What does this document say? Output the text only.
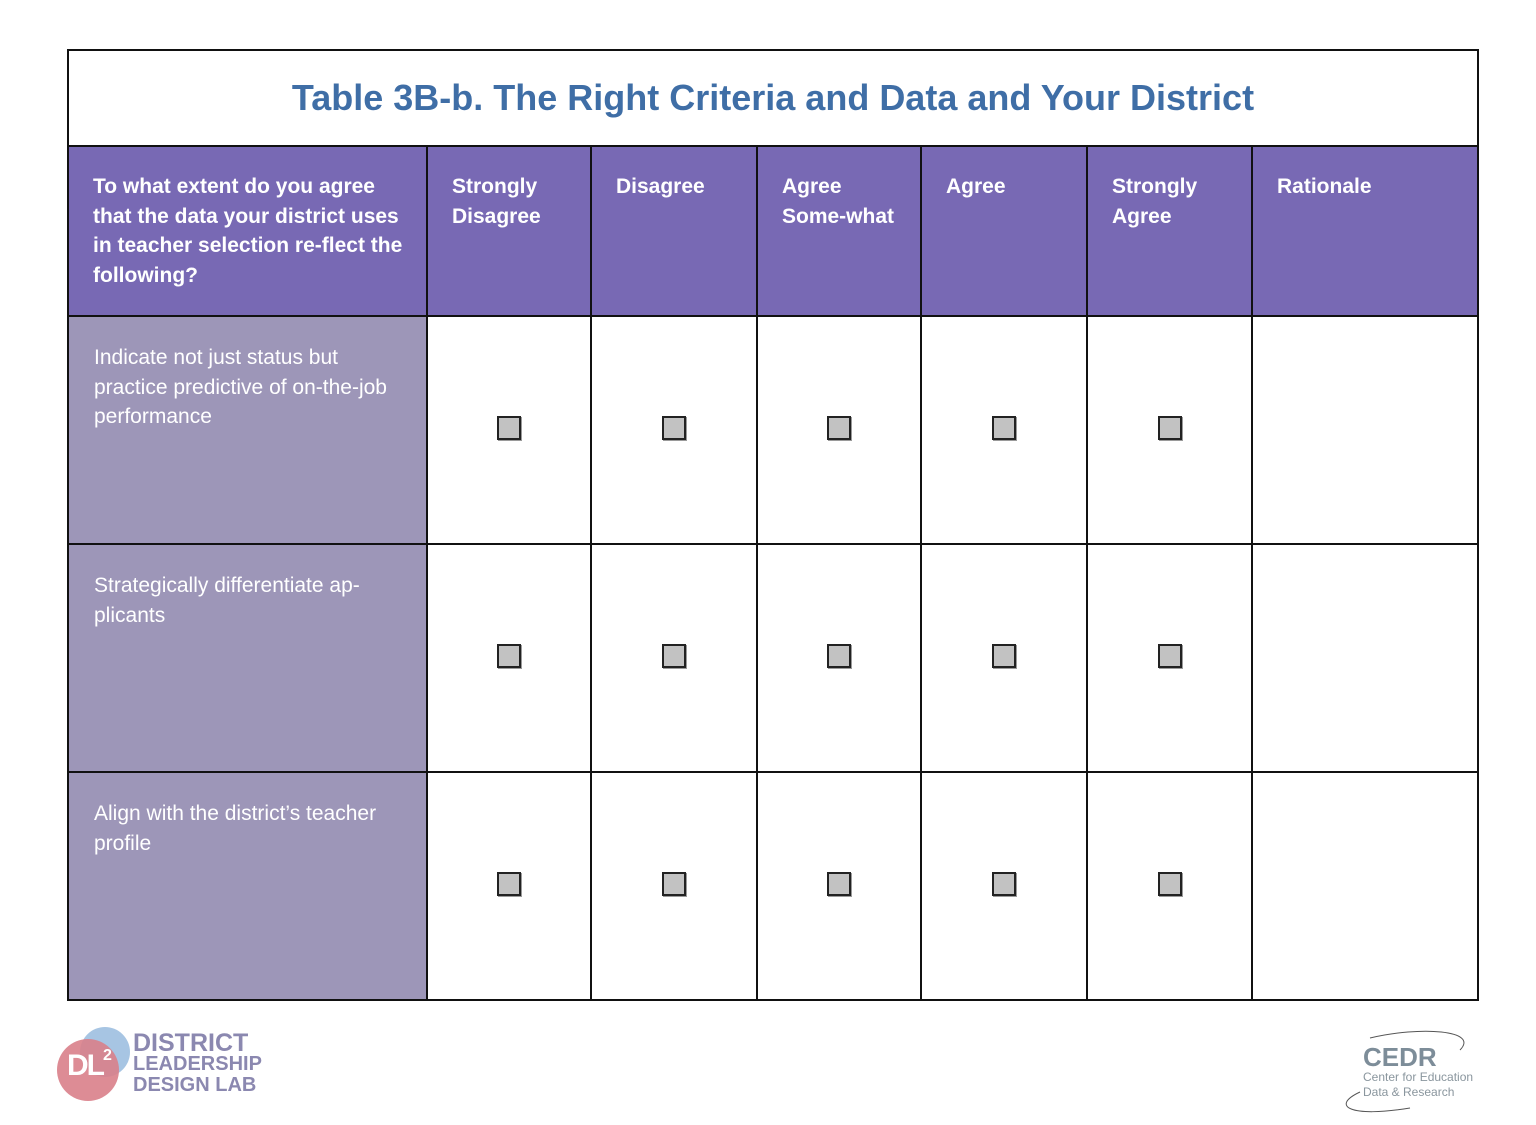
Table 3B-b. The Right Criteria and Data and Your District						

To what extent do you agree that the data your district uses in teacher selection re-flect the following?	Strongly Disagree	Disagree	Agree Some-what	Agree	Strongly Agree	Rationale

Indicate not just status but practice predictive of on-the-job performance						

Strategically differentiate ap-plicants						

Align with the district’s teacher profile						

$DL^2$ DISTRICT
LEADERSHIP
DESIGN LAB
CEDR
Center for Education
Data & Research
